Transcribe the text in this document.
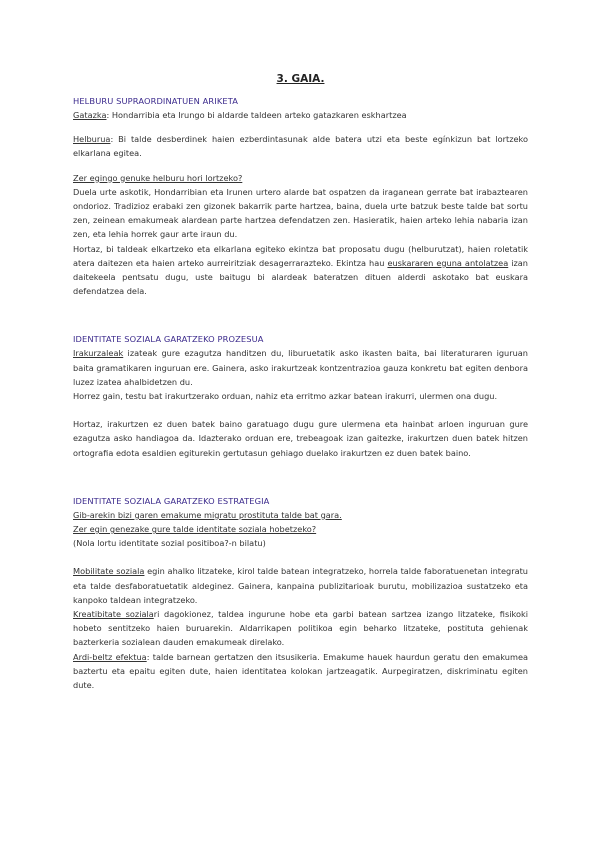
3. GAIA.
HELBURU SUPRAORDINATUEN ARIKETA

Gatazka: Hondarribia eta Irungo bi aldarde taldeen arteko gatazkaren eskhartzea

Helburua: Bi talde desberdinek haien ezberdintasunak alde batera utzi eta beste egínkizun bat lortzeko elkarlana egitea.

Zer egingo genuke helburu hori lortzeko?

Duela urte askotik, Hondarribian eta Irunen urtero alarde bat ospatzen da iraganean gerrate bat irabaztearen ondorioz. Tradizioz erabaki zen gizonek bakarrik parte hartzea, baina, duela urte batzuk beste talde bat sortu zen, zeinean emakumeak alardean parte hartzea defendatzen zen. Hasieratik, haien arteko lehia nabaria izan zen, eta lehia horrek gaur arte iraun du.

Hortaz, bi taldeak elkartzeko eta elkarlana egiteko ekintza bat proposatu dugu (helburutzat), haien roletatik atera daitezen eta haien arteko aurreiritziak desagerrarazteko. Ekintza hau euskararen eguna antolatzea izan daitekeela pentsatu dugu, uste baitugu bi alardeak bateratzen dituen alderdi askotako bat euskara defendatzea dela.

IDENTITATE SOZIALA GARATZEKO PROZESUA

Irakurzaleak izateak gure ezagutza handitzen du, liburuetatik asko ikasten baita, bai literaturaren iguruan baita gramatikaren inguruan ere. Gainera, asko irakurtzeak kontzentrazioa gauza konkretu bat egiten denbora luzez izatea ahalbidetzen du.

Horrez gain, testu bat irakurtzerako orduan, nahiz eta erritmo azkar batean irakurri, ulermen ona dugu.

Hortaz, irakurtzen ez duen batek baino garatuago dugu gure ulermena eta hainbat arloen inguruan gure ezagutza asko handiagoa da. Idazterako orduan ere, trebeagoak izan gaitezke, irakurtzen duen batek hitzen ortografia edota esaldien egiturekin gertutasun gehiago duelako irakurtzen ez duen batek baino.

IDENTITATE SOZIALA GARATZEKO ESTRATEGIA

Gib-arekin bizi garen emakume migratu prostituta talde bat gara.

Zer egin genezake gure talde identitate soziala hobetzeko?

(Nola lortu identitate sozial positiboa?-n bilatu)

Mobilitate soziala egin ahalko litzateke, kirol talde batean integratzeko, horrela talde faboratuenetan integratu eta talde desfaboratuetatik aldeginez. Gainera, kanpaina publizitarioak burutu, mobilizazioa sustatzeko eta kanpoko taldean integratzeko.

Kreatibitate sozialari dagokionez, taldea ingurune hobe eta garbi batean sartzea izango litzateke, fisikoki hobeto sentitzeko haien buruarekin. Aldarrikapen politikoa egin beharko litzateke, postituta gehienak bazterkeria sozialean dauden emakumeak direlako.

Ardi-beltz efektua: talde barnean gertatzen den itsusikeria. Emakume hauek haurdun geratu den emakumea baztertu eta epaitu egiten dute, haien identitatea kolokan jartzeagatik. Aurpegiratzen, diskriminatu egiten dute.
